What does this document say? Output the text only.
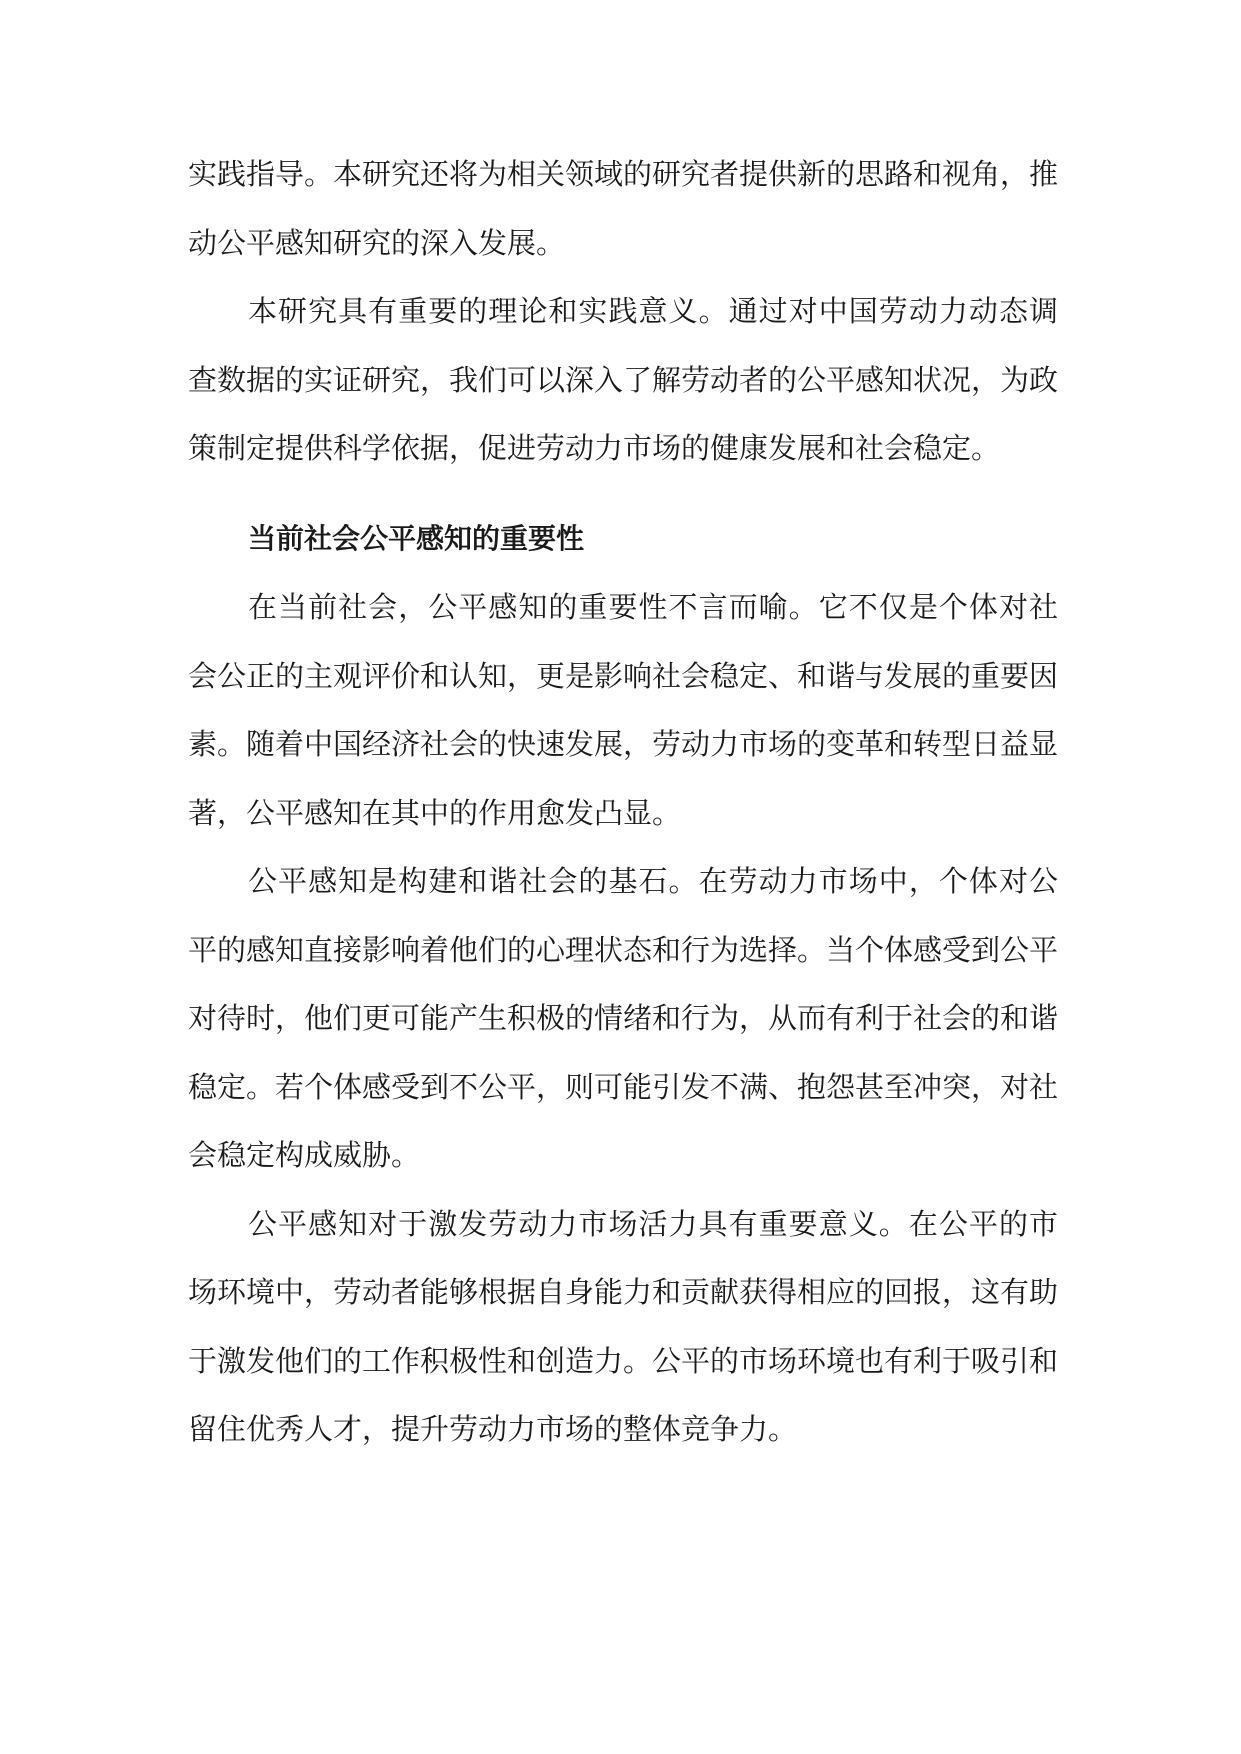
实践指导。本研究还将为相关领域的研究者提供新的思路和视角，推动公平感知研究的深入发展。

本研究具有重要的理论和实践意义。通过对中国劳动力动态调查数据的实证研究，我们可以深入了解劳动者的公平感知状况，为政策制定提供科学依据，促进劳动力市场的健康发展和社会稳定。

当前社会公平感知的重要性

在当前社会，公平感知的重要性不言而喻。它不仅是个体对社会公正的主观评价和认知，更是影响社会稳定、和谐与发展的重要因素。随着中国经济社会的快速发展，劳动力市场的变革和转型日益显著，公平感知在其中的作用愈发凸显。

公平感知是构建和谐社会的基石。在劳动力市场中，个体对公平的感知直接影响着他们的心理状态和行为选择。当个体感受到公平对待时，他们更可能产生积极的情绪和行为，从而有利于社会的和谐稳定。若个体感受到不公平，则可能引发不满、抱怨甚至冲突，对社会稳定构成威胁。

公平感知对于激发劳动力市场活力具有重要意义。在公平的市场环境中，劳动者能够根据自身能力和贡献获得相应的回报，这有助于激发他们的工作积极性和创造力。公平的市场环境也有利于吸引和留住优秀人才，提升劳动力市场的整体竞争力。
